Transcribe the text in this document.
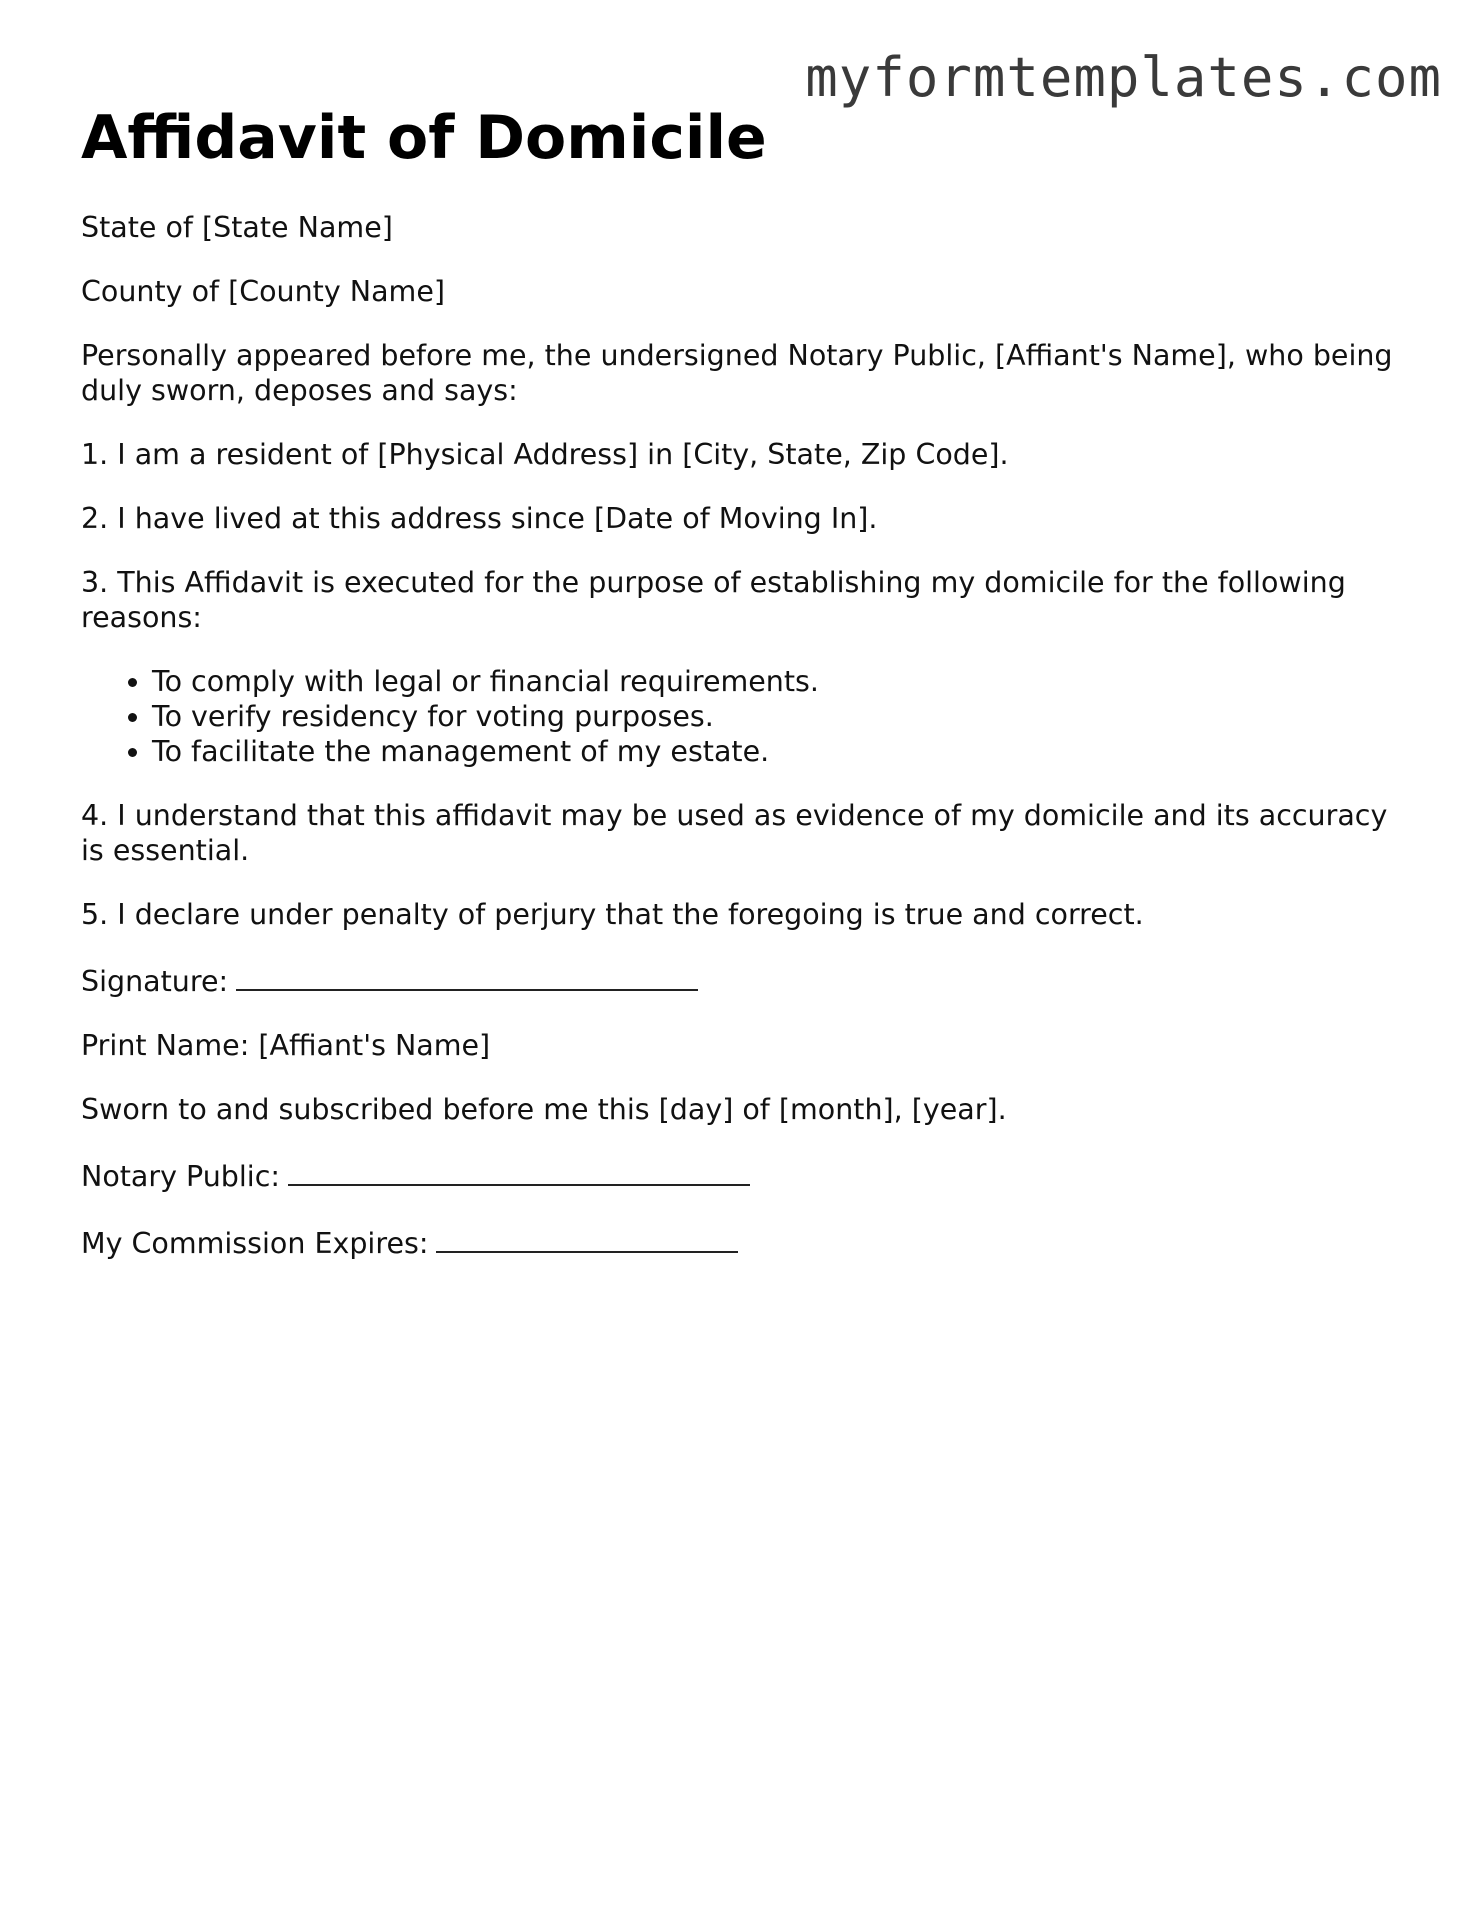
myformtemplates.com
Affidavit of Domicile

State of [State Name]

County of [County Name]

Personally appeared before me, the undersigned Notary Public, [Affiant's Name], who being duly sworn, deposes and says:

1. I am a resident of [Physical Address] in [City, State, Zip Code].

2. I have lived at this address since [Date of Moving In].

3. This Affidavit is executed for the purpose of establishing my domicile for the following reasons:

• To comply with legal or financial requirements.
• To verify residency for voting purposes.
• To facilitate the management of my estate.

4. I understand that this affidavit may be used as evidence of my domicile and its accuracy is essential.

5. I declare under penalty of perjury that the foregoing is true and correct.

Signature:

Print Name: [Affiant's Name]

Sworn to and subscribed before me this [day] of [month], [year].

Notary Public:

My Commission Expires:
